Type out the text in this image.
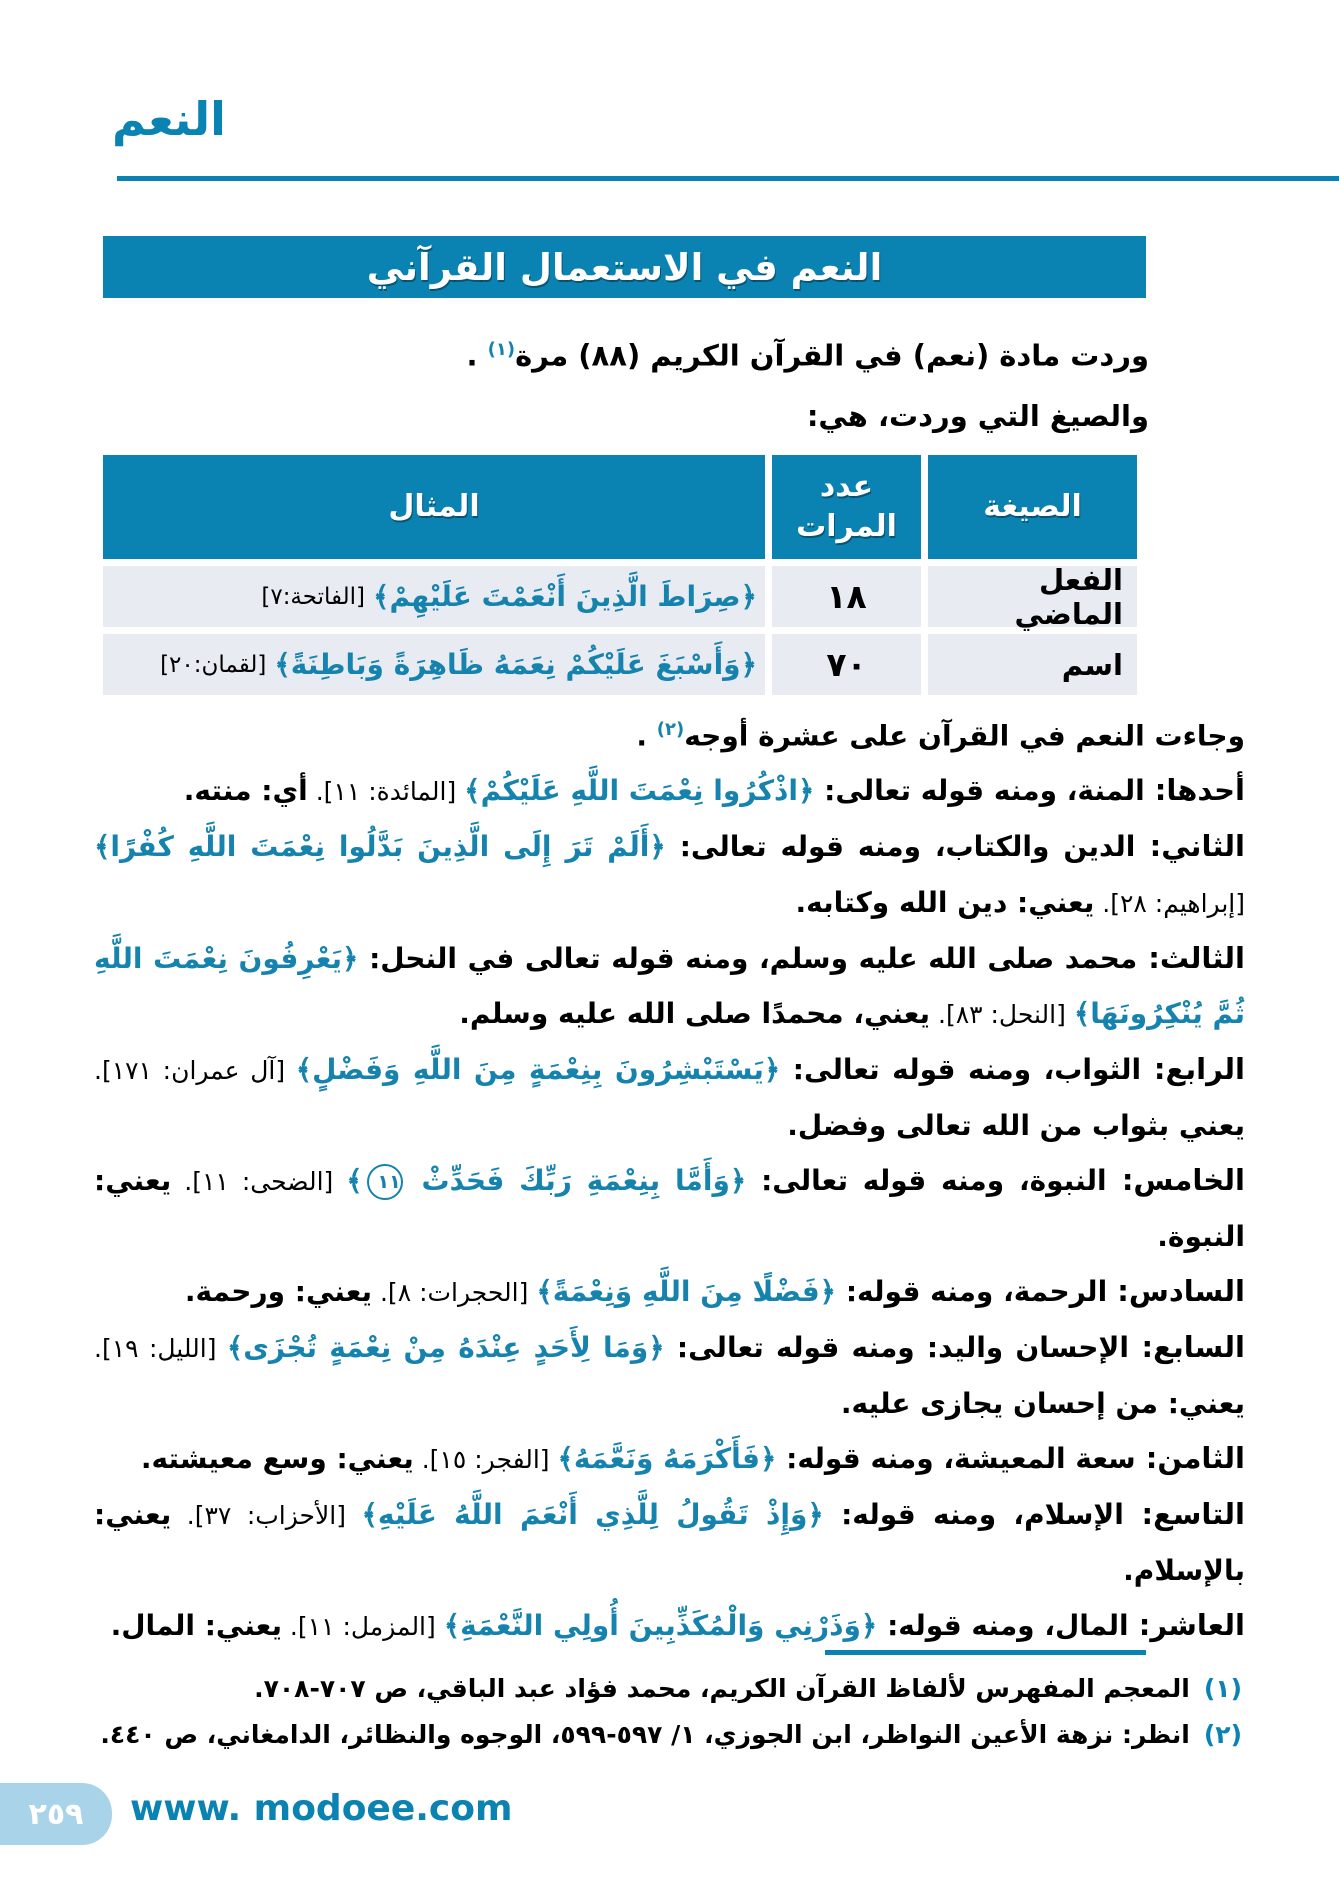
النعم
النعم في الاستعمال القرآني

وردت مادة (نعم) في القرآن الكريم (٨٨) مرة$^{(١)}$ .

والصيغ التي وردت، هي:

الصيغة
عدد المرات
المثال
الفعل الماضي
١٨
﴿صِرَاطَ الَّذِينَ أَنْعَمْتَ عَلَيْهِمْ﴾
[الفاتحة:٧]
اسم
٧٠
﴿وَأَسْبَغَ عَلَيْكُمْ نِعَمَهُ ظَاهِرَةً وَبَاطِنَةً﴾
[لقمان:٢٠]

وجاءت النعم في القرآن على عشرة أوجه$^{(٢)}$ .

أحدها: المنة، ومنه قوله تعالى: ﴿اذْكُرُوا نِعْمَتَ اللَّهِ عَلَيْكُمْ﴾ [المائدة: ١١]. أي: منته.

الثاني: الدين والكتاب، ومنه قوله تعالى: ﴿أَلَمْ تَرَ إِلَى الَّذِينَ بَدَّلُوا نِعْمَتَ اللَّهِ كُفْرًا﴾ [إبراهيم: ٢٨]. يعني: دين الله وكتابه.

الثالث: محمد صلى الله عليه وسلم، ومنه قوله تعالى في النحل: ﴿يَعْرِفُونَ نِعْمَتَ اللَّهِ ثُمَّ يُنْكِرُونَهَا﴾ [النحل: ٨٣]. يعني، محمدًا صلى الله عليه وسلم.

الرابع: الثواب، ومنه قوله تعالى: ﴿يَسْتَبْشِرُونَ بِنِعْمَةٍ مِنَ اللَّهِ وَفَضْلٍ﴾ [آل عمران: ١٧١]. يعني بثواب من الله تعالى وفضل.

الخامس: النبوة، ومنه قوله تعالى: ﴿وَأَمَّا بِنِعْمَةِ رَبِّكَ فَحَدِّثْ ١١﴾ [الضحى: ١١]. يعني: النبوة.

السادس: الرحمة، ومنه قوله: ﴿فَضْلًا مِنَ اللَّهِ وَنِعْمَةً﴾ [الحجرات: ٨]. يعني: ورحمة.

السابع: الإحسان واليد: ومنه قوله تعالى: ﴿وَمَا لِأَحَدٍ عِنْدَهُ مِنْ نِعْمَةٍ تُجْزَى﴾ [الليل: ١٩]. يعني: من إحسان يجازى عليه.

الثامن: سعة المعيشة، ومنه قوله: ﴿فَأَكْرَمَهُ وَنَعَّمَهُ﴾ [الفجر: ١٥]. يعني: وسع معيشته.

التاسع: الإسلام، ومنه قوله: ﴿وَإِذْ تَقُولُ لِلَّذِي أَنْعَمَ اللَّهُ عَلَيْهِ﴾ [الأحزاب: ٣٧]. يعني: بالإسلام.

العاشر: المال، ومنه قوله: ﴿وَذَرْنِي وَالْمُكَذِّبِينَ أُولِي النَّعْمَةِ﴾ [المزمل: ١١]. يعني: المال.

(١)المعجم المفهرس لألفاظ القرآن الكريم، محمد فؤاد عبد الباقي، ص ٧٠٧-٧٠٨.

(٢)انظر: نزهة الأعين النواظر، ابن الجوزي، ١/ ٥٩٧-٥٩٩، الوجوه والنظائر، الدامغاني، ص ٤٤٠.

٢٥٩ www. modoee.com
